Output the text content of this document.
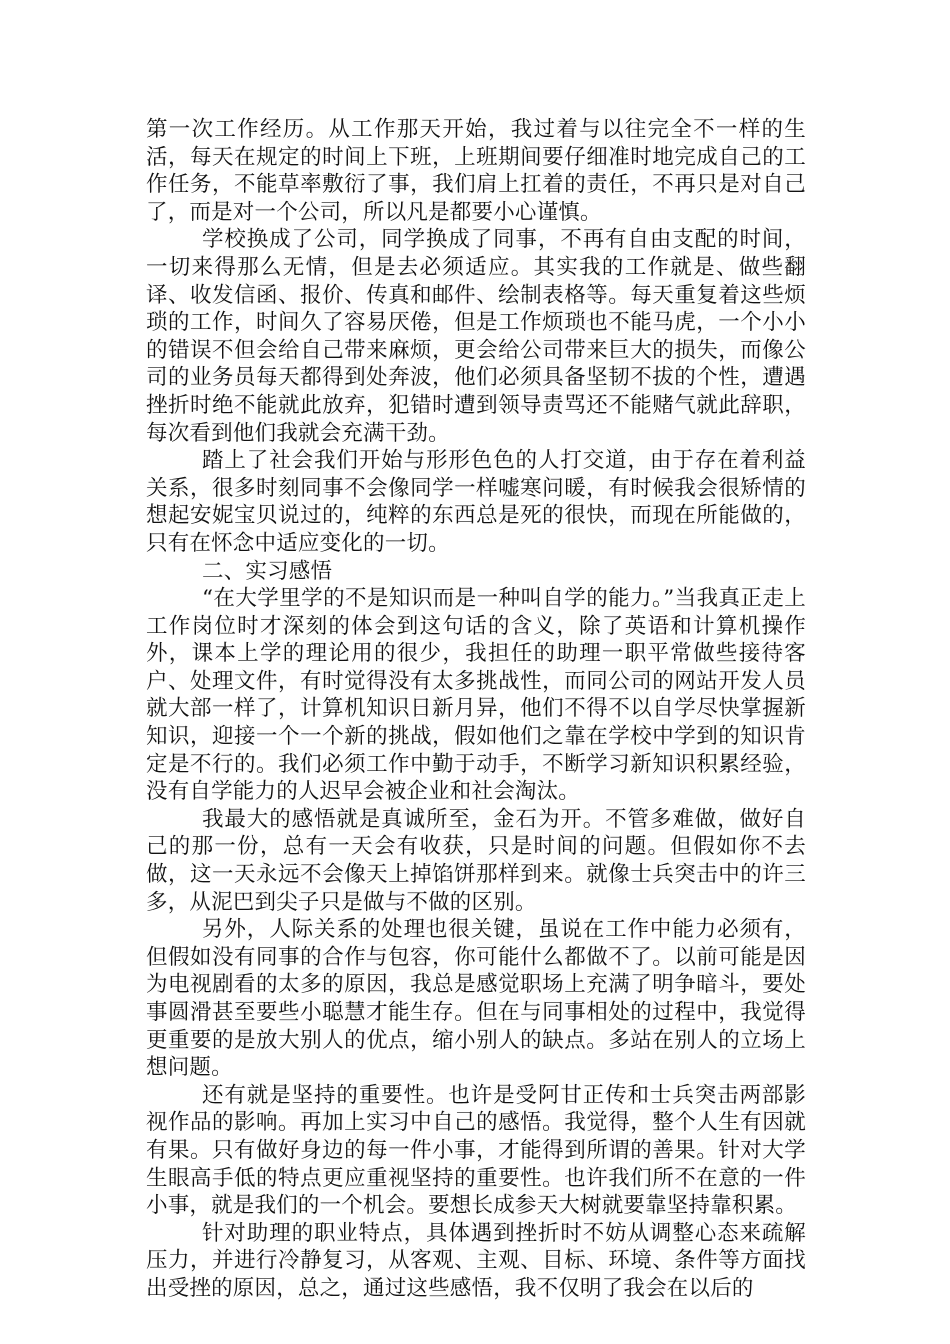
第一次工作经历。从工作那天开始，我过着与以往完全不一样的生活，每天在规定的时间上下班，上班期间要仔细准时地完成自己的工作任务，不能草率敷衍了事，我们肩上扛着的责任，不再只是对自己了，而是对一个公司，所以凡是都要小心谨慎。

学校换成了公司，同学换成了同事，不再有自由支配的时间，一切来得那么无情，但是去必须适应。其实我的工作就是、做些翻译、收发信函、报价、传真和邮件、绘制表格等。每天重复着这些烦琐的工作，时间久了容易厌倦，但是工作烦琐也不能马虎，一个小小的错误不但会给自己带来麻烦，更会给公司带来巨大的损失，而像公司的业务员每天都得到处奔波，他们必须具备坚韧不拔的个性，遭遇挫折时绝不能就此放弃，犯错时遭到领导责骂还不能赌气就此辞职，每次看到他们我就会充满干劲。

踏上了社会我们开始与形形色色的人打交道，由于存在着利益关系，很多时刻同事不会像同学一样嘘寒问暖，有时候我会很矫情的想起安妮宝贝说过的，纯粹的东西总是死的很快，而现在所能做的，只有在怀念中适应变化的一切。

二、实习感悟

“在大学里学的不是知识而是一种叫自学的能力。”当我真正走上工作岗位时才深刻的体会到这句话的含义，除了英语和计算机操作外，课本上学的理论用的很少，我担任的助理一职平常做些接待客户、处理文件，有时觉得没有太多挑战性，而同公司的网站开发人员就大部一样了，计算机知识日新月异，他们不得不以自学尽快掌握新知识，迎接一个一个新的挑战，假如他们之靠在学校中学到的知识肯定是不行的。我们必须工作中勤于动手，不断学习新知识积累经验，没有自学能力的人迟早会被企业和社会淘汰。

我最大的感悟就是真诚所至，金石为开。不管多难做，做好自己的那一份，总有一天会有收获，只是时间的问题。但假如你不去做，这一天永远不会像天上掉馅饼那样到来。就像士兵突击中的许三多，从泥巴到尖子只是做与不做的区别。

另外，人际关系的处理也很关键，虽说在工作中能力必须有，但假如没有同事的合作与包容，你可能什么都做不了。以前可能是因为电视剧看的太多的原因，我总是感觉职场上充满了明争暗斗，要处事圆滑甚至要些小聪慧才能生存。但在与同事相处的过程中，我觉得更重要的是放大别人的优点，缩小别人的缺点。多站在别人的立场上想问题。

还有就是坚持的重要性。也许是受阿甘正传和士兵突击两部影视作品的影响。再加上实习中自己的感悟。我觉得，整个人生有因就有果。只有做好身边的每一件小事，才能得到所谓的善果。针对大学生眼高手低的特点更应重视坚持的重要性。也许我们所不在意的一件小事，就是我们的一个机会。要想长成参天大树就要靠坚持靠积累。

针对助理的职业特点，具体遇到挫折时不妨从调整心态来疏解压力，并进行冷静复习，从客观、主观、目标、环境、条件等方面找出受挫的原因，总之，通过这些感悟，我不仅明了我会在以后的
